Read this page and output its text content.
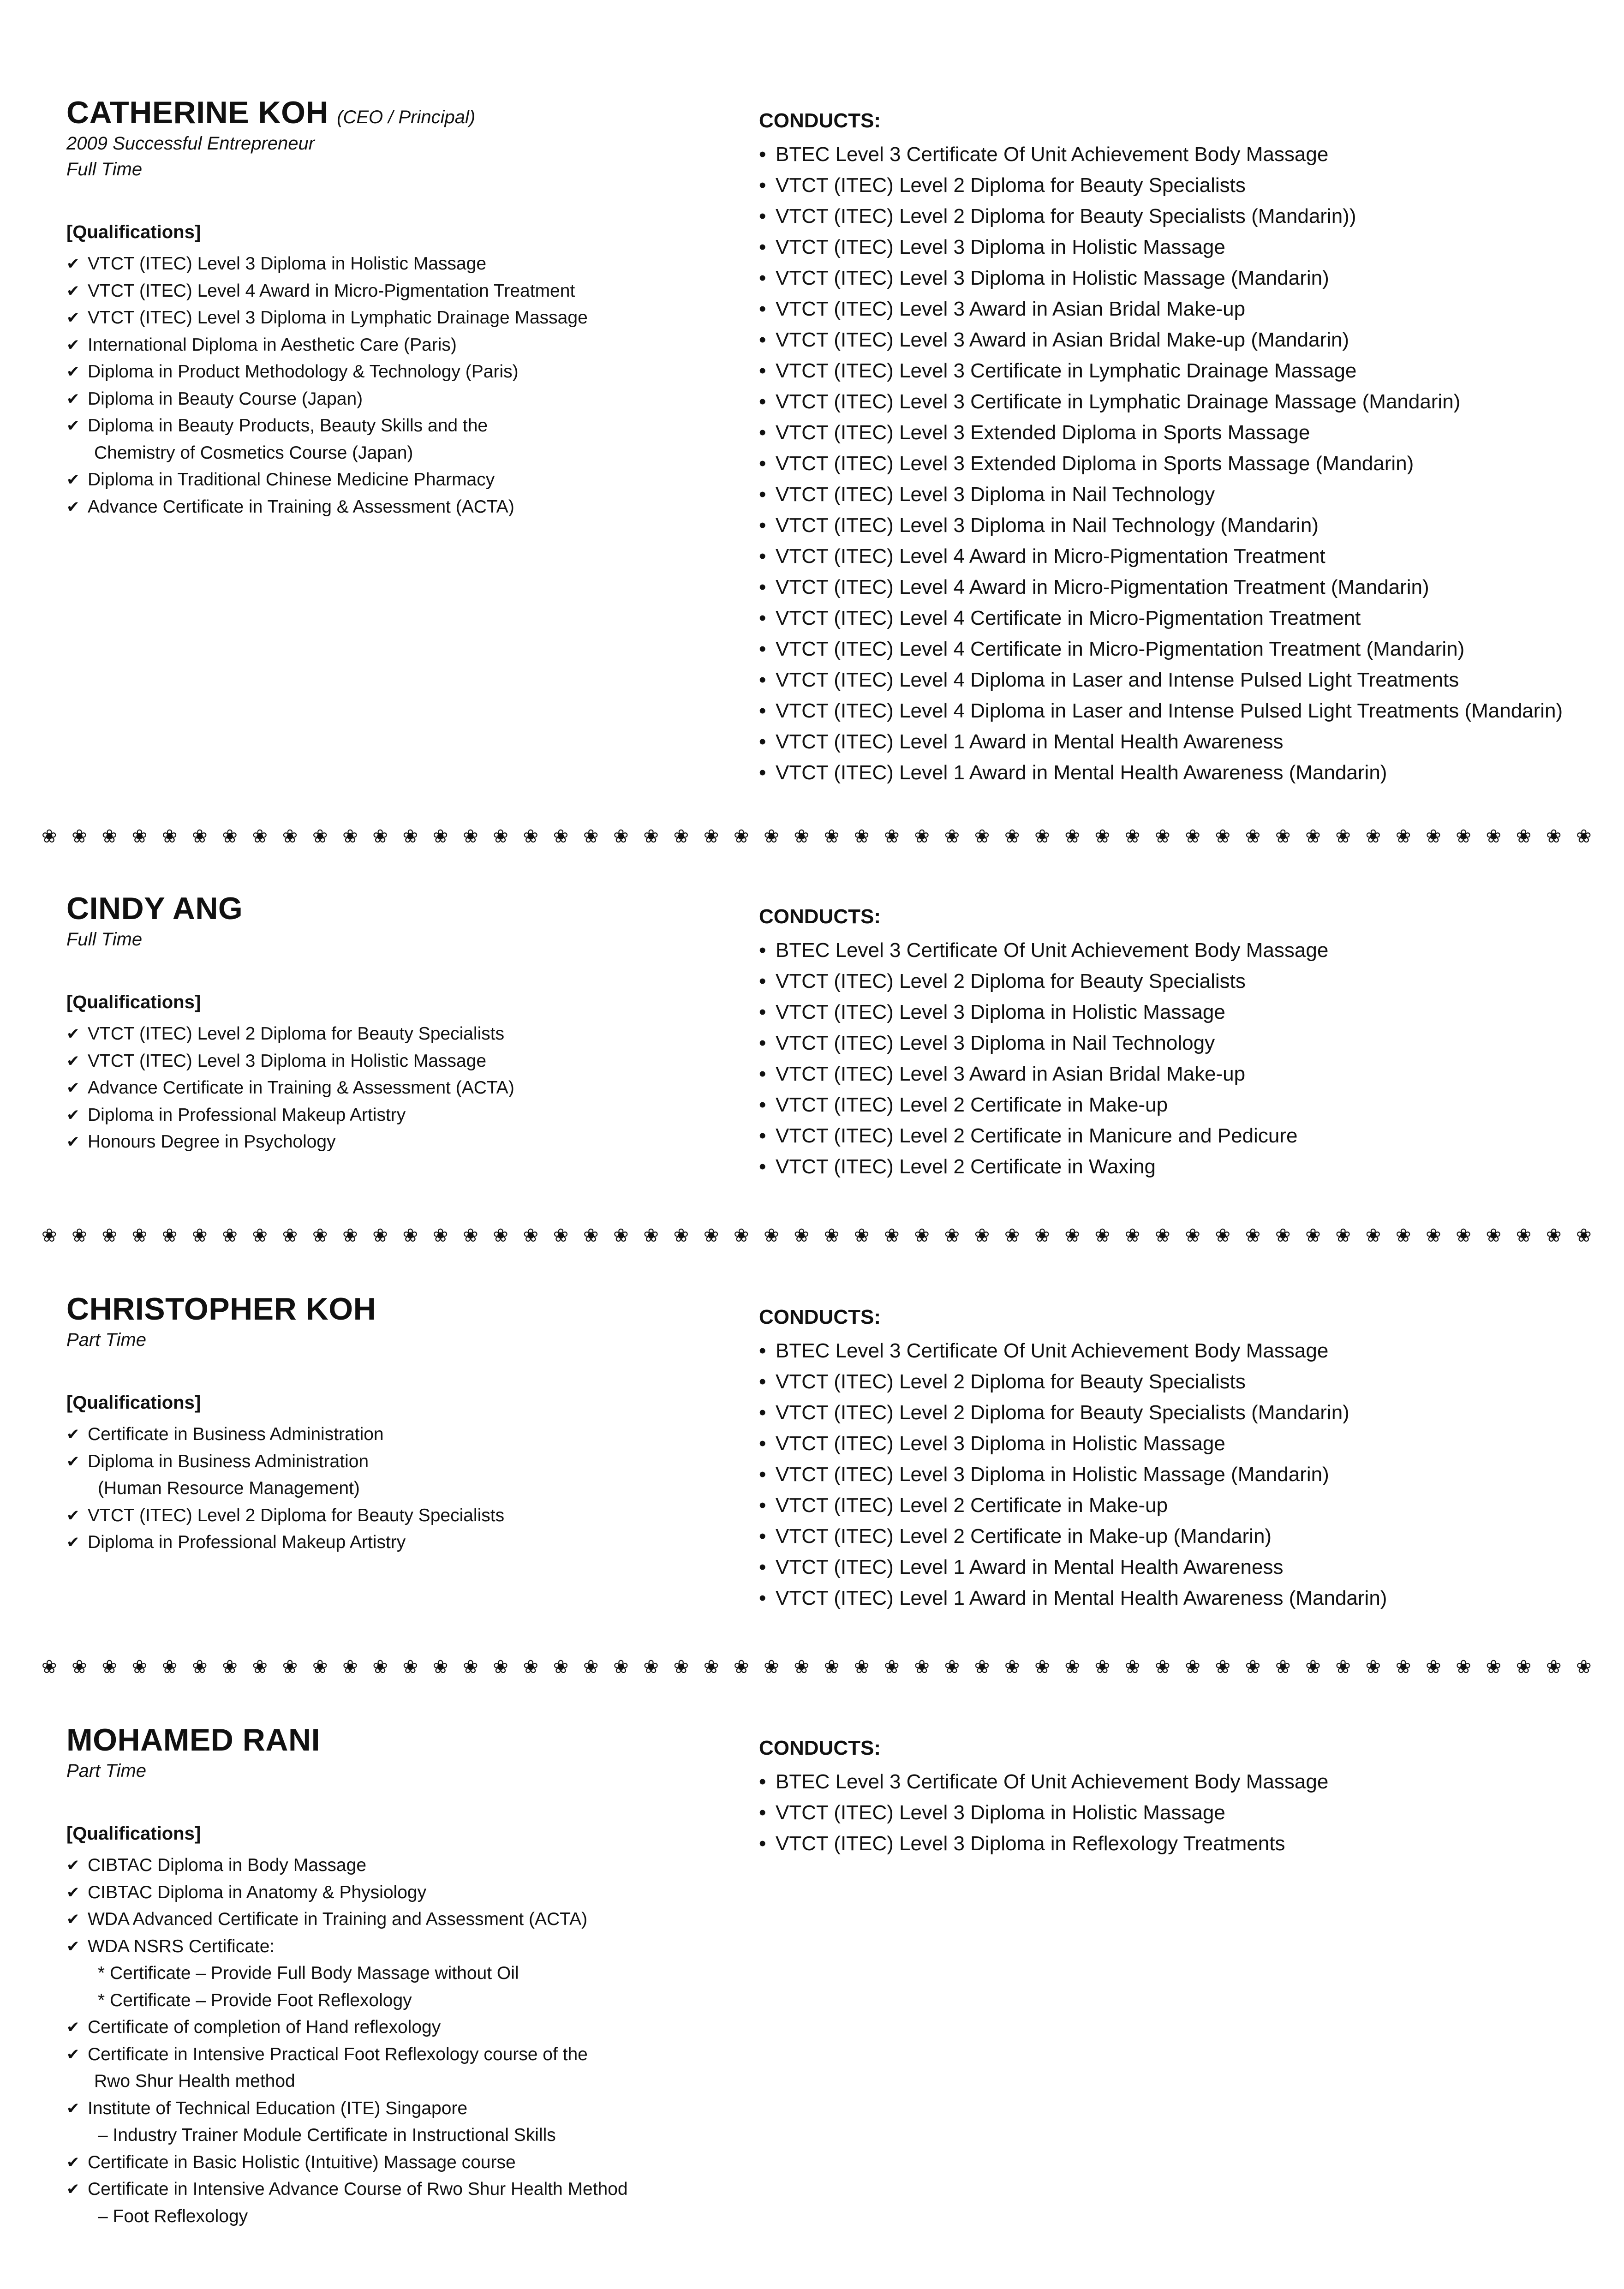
CATHERINE KOH (CEO / Principal)
2009 Successful Entrepreneur
Full Time
[Qualifications]
✔ VTCT (ITEC) Level 3 Diploma in Holistic Massage
✔ VTCT (ITEC) Level 4 Award in Micro-Pigmentation Treatment
✔ VTCT (ITEC) Level 3 Diploma in Lymphatic Drainage Massage
✔ International Diploma in Aesthetic Care (Paris)
✔ Diploma in Product Methodology & Technology (Paris)
✔ Diploma in Beauty Course (Japan)
✔ Diploma in Beauty Products, Beauty Skills and the
Chemistry of Cosmetics Course (Japan)
✔ Diploma in Traditional Chinese Medicine Pharmacy
✔ Advance Certificate in Training & Assessment (ACTA)
CONDUCTS:
• BTEC Level 3 Certificate Of Unit Achievement Body Massage
• VTCT (ITEC) Level 2 Diploma for Beauty Specialists
• VTCT (ITEC) Level 2 Diploma for Beauty Specialists (Mandarin))
• VTCT (ITEC) Level 3 Diploma in Holistic Massage
• VTCT (ITEC) Level 3 Diploma in Holistic Massage (Mandarin)
• VTCT (ITEC) Level 3 Award in Asian Bridal Make-up
• VTCT (ITEC) Level 3 Award in Asian Bridal Make-up (Mandarin)
• VTCT (ITEC) Level 3 Certificate in Lymphatic Drainage Massage
• VTCT (ITEC) Level 3 Certificate in Lymphatic Drainage Massage (Mandarin)
• VTCT (ITEC) Level 3 Extended Diploma in Sports Massage
• VTCT (ITEC) Level 3 Extended Diploma in Sports Massage (Mandarin)
• VTCT (ITEC) Level 3 Diploma in Nail Technology
• VTCT (ITEC) Level 3 Diploma in Nail Technology (Mandarin)
• VTCT (ITEC) Level 4 Award in Micro-Pigmentation Treatment
• VTCT (ITEC) Level 4 Award in Micro-Pigmentation Treatment (Mandarin)
• VTCT (ITEC) Level 4 Certificate in Micro-Pigmentation Treatment
• VTCT (ITEC) Level 4 Certificate in Micro-Pigmentation Treatment (Mandarin)
• VTCT (ITEC) Level 4 Diploma in Laser and Intense Pulsed Light Treatments
• VTCT (ITEC) Level 4 Diploma in Laser and Intense Pulsed Light Treatments (Mandarin)
• VTCT (ITEC) Level 1 Award in Mental Health Awareness
• VTCT (ITEC) Level 1 Award in Mental Health Awareness (Mandarin)
❀ ❀ ❀ ❀ ❀ ❀ ❀ ❀ ❀ ❀ ❀ ❀ ❀ ❀ ❀ ❀ ❀ ❀ ❀ ❀ ❀ ❀ ❀ ❀ ❀ ❀ ❀ ❀ ❀ ❀ ❀ ❀ ❀ ❀ ❀ ❀ ❀ ❀ ❀ ❀ ❀ ❀ ❀ ❀ ❀ ❀ ❀ ❀ ❀ ❀ ❀ ❀
CINDY ANG
Full Time
[Qualifications]
✔ VTCT (ITEC) Level 2 Diploma for Beauty Specialists
✔ VTCT (ITEC) Level 3 Diploma in Holistic Massage
✔ Advance Certificate in Training & Assessment (ACTA)
✔ Diploma in Professional Makeup Artistry
✔ Honours Degree in Psychology
CONDUCTS:
• BTEC Level 3 Certificate Of Unit Achievement Body Massage
• VTCT (ITEC) Level 2 Diploma for Beauty Specialists
• VTCT (ITEC) Level 3 Diploma in Holistic Massage
• VTCT (ITEC) Level 3 Diploma in Nail Technology
• VTCT (ITEC) Level 3 Award in Asian Bridal Make-up
• VTCT (ITEC) Level 2 Certificate in Make-up
• VTCT (ITEC) Level 2 Certificate in Manicure and Pedicure
• VTCT (ITEC) Level 2 Certificate in Waxing
❀ ❀ ❀ ❀ ❀ ❀ ❀ ❀ ❀ ❀ ❀ ❀ ❀ ❀ ❀ ❀ ❀ ❀ ❀ ❀ ❀ ❀ ❀ ❀ ❀ ❀ ❀ ❀ ❀ ❀ ❀ ❀ ❀ ❀ ❀ ❀ ❀ ❀ ❀ ❀ ❀ ❀ ❀ ❀ ❀ ❀ ❀ ❀ ❀ ❀ ❀ ❀
CHRISTOPHER KOH
Part Time
[Qualifications]
✔ Certificate in Business Administration
✔ Diploma in Business Administration
(Human Resource Management)
✔ VTCT (ITEC) Level 2 Diploma for Beauty Specialists
✔ Diploma in Professional Makeup Artistry
CONDUCTS:
• BTEC Level 3 Certificate Of Unit Achievement Body Massage
• VTCT (ITEC) Level 2 Diploma for Beauty Specialists
• VTCT (ITEC) Level 2 Diploma for Beauty Specialists (Mandarin)
• VTCT (ITEC) Level 3 Diploma in Holistic Massage
• VTCT (ITEC) Level 3 Diploma in Holistic Massage (Mandarin)
• VTCT (ITEC) Level 2 Certificate in Make-up
• VTCT (ITEC) Level 2 Certificate in Make-up (Mandarin)
• VTCT (ITEC) Level 1 Award in Mental Health Awareness
• VTCT (ITEC) Level 1 Award in Mental Health Awareness (Mandarin)
❀ ❀ ❀ ❀ ❀ ❀ ❀ ❀ ❀ ❀ ❀ ❀ ❀ ❀ ❀ ❀ ❀ ❀ ❀ ❀ ❀ ❀ ❀ ❀ ❀ ❀ ❀ ❀ ❀ ❀ ❀ ❀ ❀ ❀ ❀ ❀ ❀ ❀ ❀ ❀ ❀ ❀ ❀ ❀ ❀ ❀ ❀ ❀ ❀ ❀ ❀ ❀
MOHAMED RANI
Part Time
[Qualifications]
✔ CIBTAC Diploma in Body Massage
✔ CIBTAC Diploma in Anatomy & Physiology
✔ WDA Advanced Certificate in Training and Assessment (ACTA)
✔ WDA NSRS Certificate:
* Certificate – Provide Full Body Massage without Oil
* Certificate – Provide Foot Reflexology
✔ Certificate of completion of Hand reflexology
✔ Certificate in Intensive Practical Foot Reflexology course of the
Rwo Shur Health method
✔ Institute of Technical Education (ITE) Singapore
– Industry Trainer Module Certificate in Instructional Skills
✔ Certificate in Basic Holistic (Intuitive) Massage course
✔ Certificate in Intensive Advance Course of Rwo Shur Health Method
– Foot Reflexology
CONDUCTS:
• BTEC Level 3 Certificate Of Unit Achievement Body Massage
• VTCT (ITEC) Level 3 Diploma in Holistic Massage
• VTCT (ITEC) Level 3 Diploma in Reflexology Treatments
